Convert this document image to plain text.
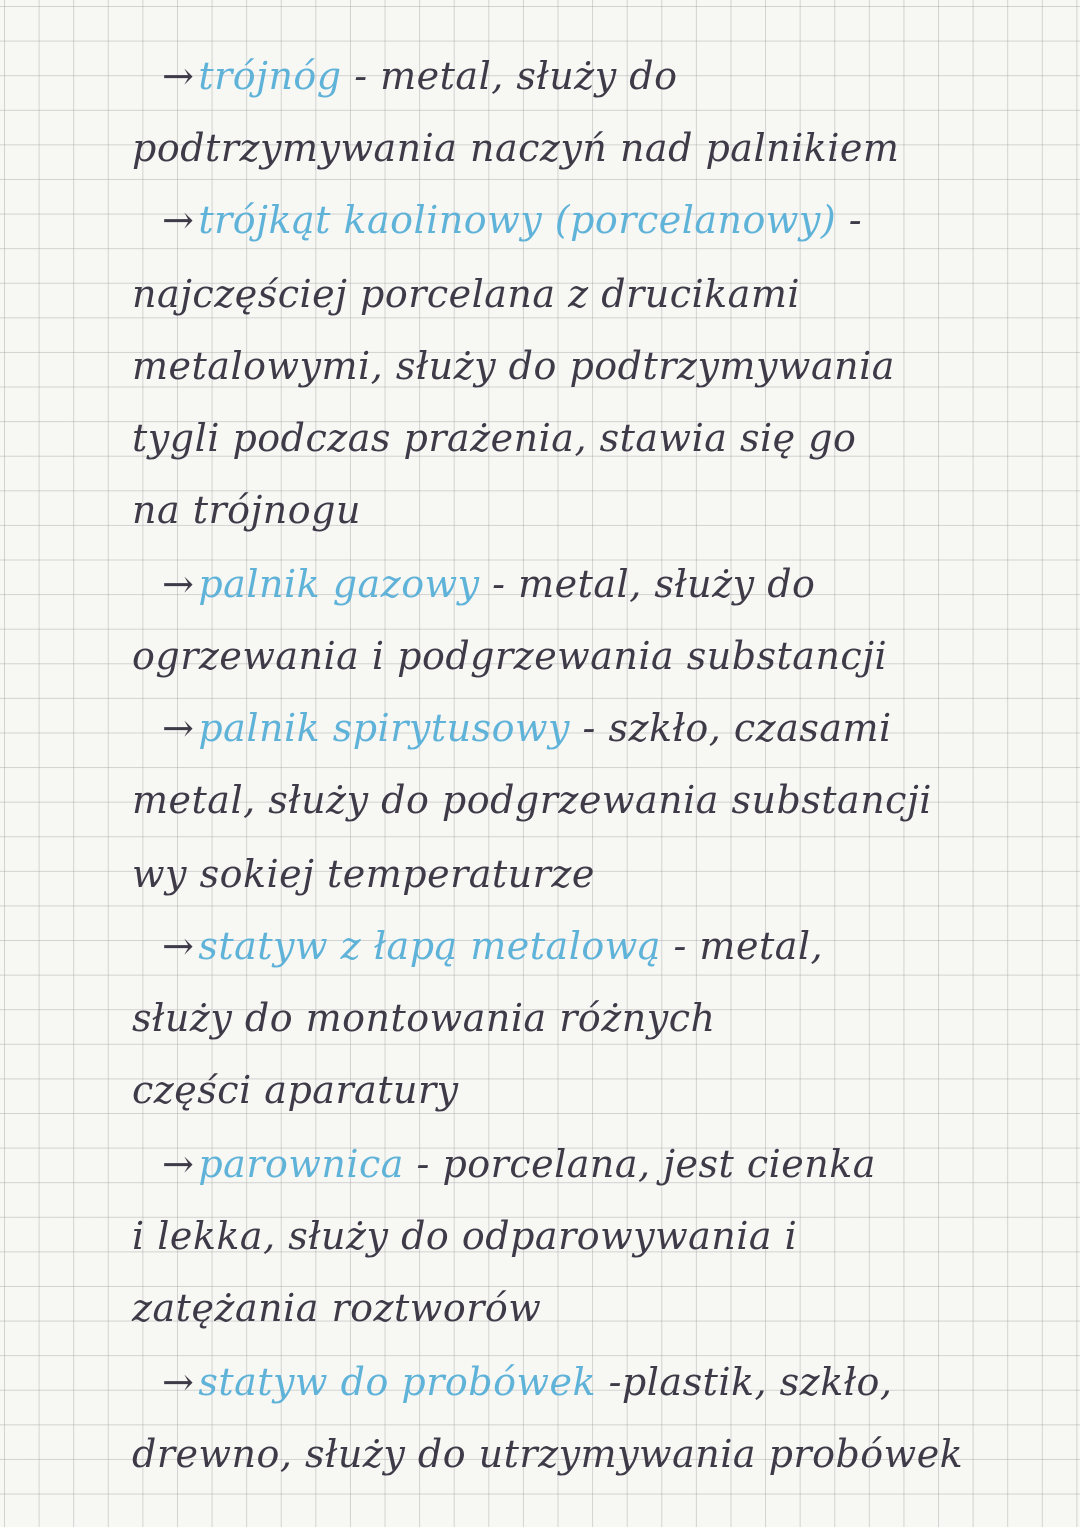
→ trójnóg - metal, służy do
podtrzymywania naczyń nad palnikiem
→ trójkąt kaolinowy (porcelanowy) -
najczęściej porcelana z drucikami
metalowymi, służy do podtrzymywania
tygli podczas prażenia, stawia się go
na trójnogu
→ palnik gazowy - metal, służy do
ogrzewania i podgrzewania substancji
→ palnik spirytusowy - szkło, czasami
metal, służy do podgrzewania substancji
wy sokiej temperaturze
→ statyw z łapą metalową - metal,
służy do montowania różnych
części aparatury
→ parownica - porcelana, jest cienka
i lekka, służy do odparowywania i
zatężania roztworów
→ statyw do probówek -plastik, szkło,
drewno, służy do utrzymywania probówek
